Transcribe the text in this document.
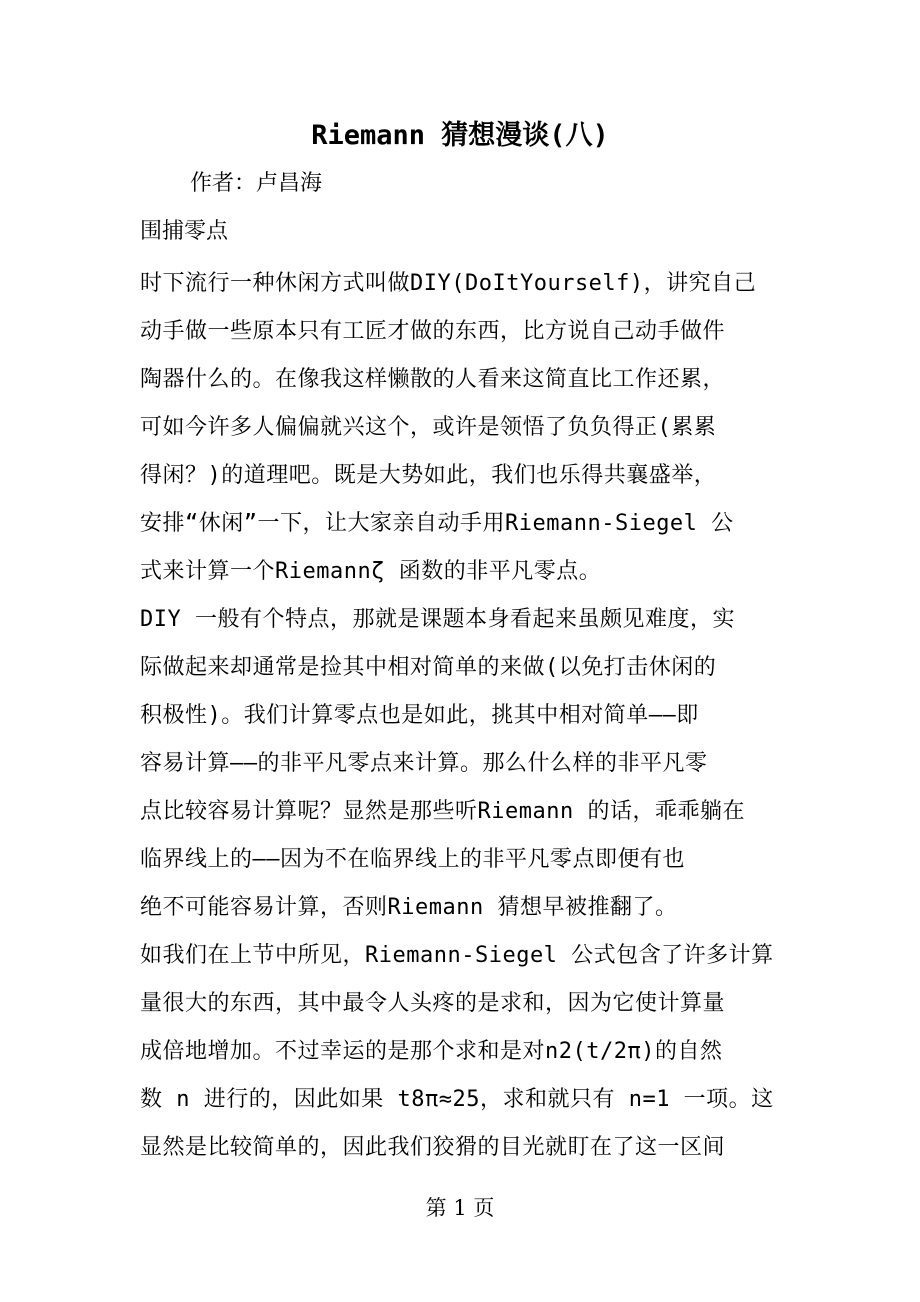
Riemann 猜想漫谈(八)
作者：卢昌海
围捕零点
时下流行一种休闲方式叫做DIY(DoItYourself)，讲究自己
动手做一些原本只有工匠才做的东西，比方说自己动手做件
陶器什么的。在像我这样懒散的人看来这简直比工作还累，
可如今许多人偏偏就兴这个，或许是领悟了负负得正(累累
得闲？)的道理吧。既是大势如此，我们也乐得共襄盛举，
安排“休闲”一下，让大家亲自动手用Riemann-Siegel 公
式来计算一个Riemannζ 函数的非平凡零点。
DIY 一般有个特点，那就是课题本身看起来虽颇见难度，实
际做起来却通常是捡其中相对简单的来做(以免打击休闲的
积极性)。我们计算零点也是如此，挑其中相对简单——即
容易计算——的非平凡零点来计算。那么什么样的非平凡零
点比较容易计算呢？显然是那些听Riemann 的话，乖乖躺在
临界线上的——因为不在临界线上的非平凡零点即便有也
绝不可能容易计算，否则Riemann 猜想早被推翻了。
如我们在上节中所见，Riemann-Siegel 公式包含了许多计算
量很大的东西，其中最令人头疼的是求和，因为它使计算量
成倍地增加。不过幸运的是那个求和是对n2(t/2π)的自然
数 n 进行的，因此如果 t8π≈25，求和就只有 n=1 一项。这
显然是比较简单的，因此我们狡猾的目光就盯在了这一区间
第 1 页
